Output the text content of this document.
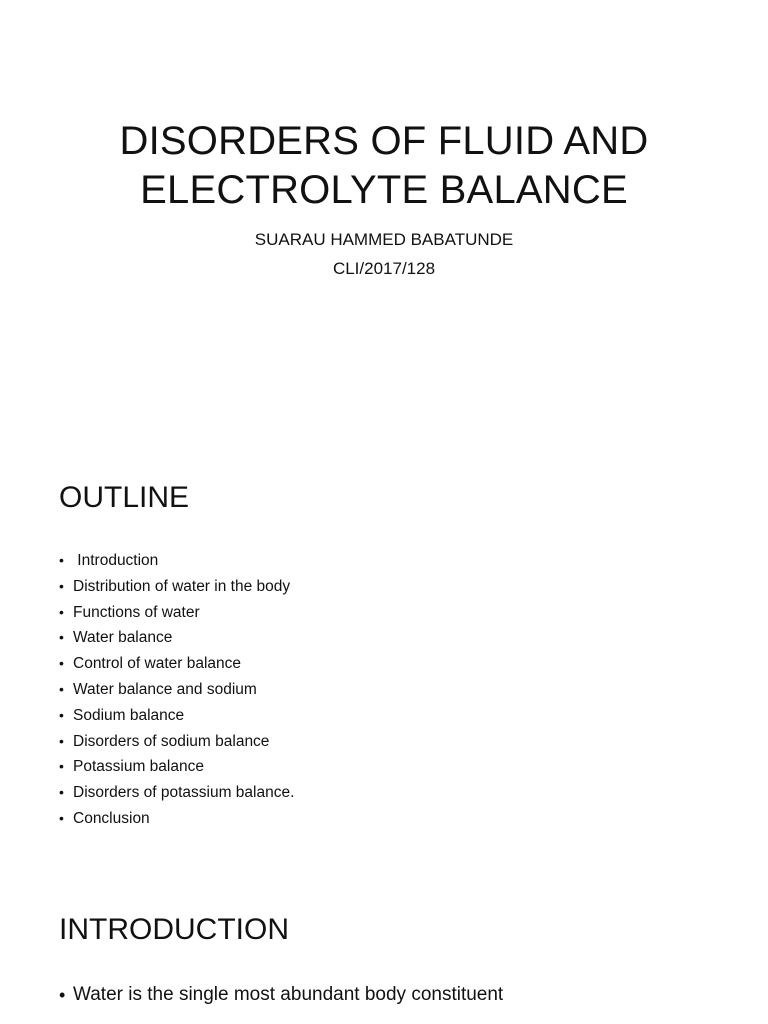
DISORDERS OF FLUID AND
ELECTROLYTE BALANCE
SUARAU HAMMED BABATUNDE
CLI/2017/128
OUTLINE
• Introduction
• Distribution of water in the body
• Functions of water
• Water balance
• Control of water balance
• Water balance and sodium
• Sodium balance
• Disorders of sodium balance
• Potassium balance
• Disorders of potassium balance.
• Conclusion
INTRODUCTION
• Water is the single most abundant body constituent
